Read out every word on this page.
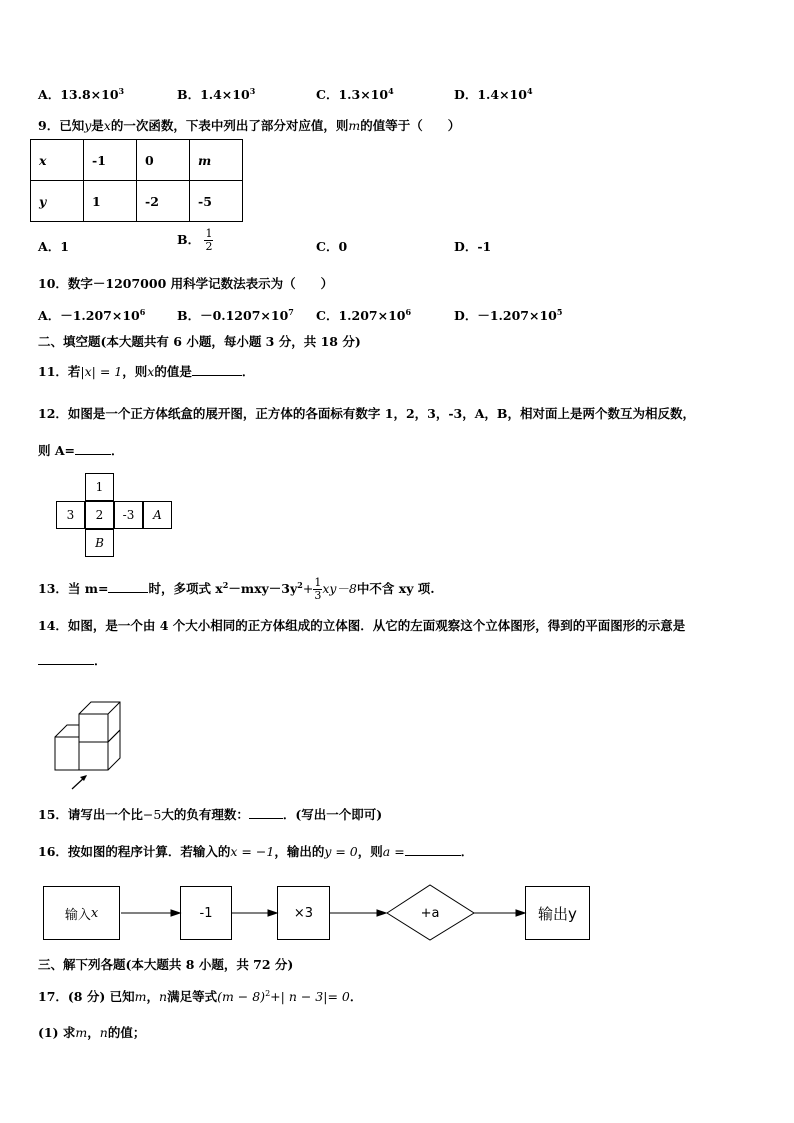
A．$13.8\times 10^3$	B．$1.4\times 10^3$	C．$1.3\times 10^4$	D．$1.4\times 10^4$
9．已知y是x的一次函数，下表中列出了部分对应值，则m的值等于（　　）
x	-1	0	m
y	1	-2	-5
A．1	B． $\frac{1}{2}$	C．0	D．-1
10．数字－1207000 用科学记数法表示为（　　）
A．$-1.207\times 10^6$	B．$-0.1207\times 10^7$ C．$1.207\times 10^6$	D．$-1.207\times 10^5$
二、填空题(本大题共有 6 小题，每小题 3 分，共 18 分)
11．若|x| = 1，则x的值是	．
12．如图是一个正方体纸盒的展开图，正方体的各面标有数字 1，2，3，-3，A，B，相对面上是两个数互为相反数，
则 A=	．
1
3	2	-3	A
B
13．当 m=	时，多项式 $x^2-mxy-3y^2+ \frac{1}{3} xy-8$中不含 xy 项.
14．如图，是一个由 4 个大小相同的正方体组成的立体图．从它的左面观察这个立体图形，得到的平面图形的示意是
．
15．请写出一个比−5大的负有理数：	．(写出一个即可)
16．按如图的程序计算．若输入的x = −1，输出的y = 0，则a =	．
输入 x	-1	×3	输出y
+a
三、解下列各题(本大题共 8 小题，共 72 分)
17．(8 分) 已知m，n满足等式$(m - 8)^2+|$ n − 3|= 0．
(1) 求m，n的值；
